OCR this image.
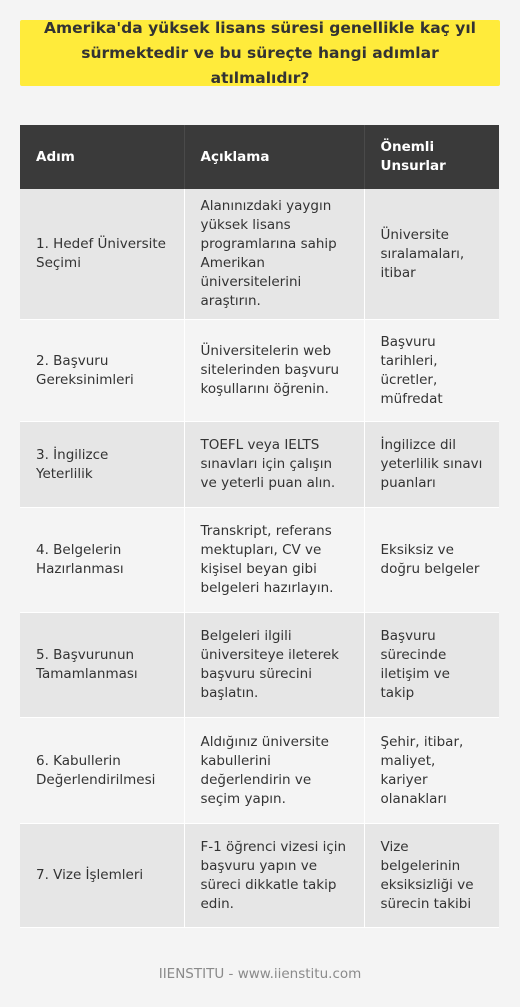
Amerika'da yüksek lisans süresi genellikle kaç yıl sürmektedir ve bu süreçte hangi adımlar atılmalıdır?
Adım	Açıklama	Önemli Unsurlar
1. Hedef Üniversite Seçimi	Alanınızdaki yaygın yüksek lisans programlarına sahip Amerikan üniversitelerini araştırın.	Üniversite sıralamaları, itibar
2. Başvuru Gereksinimleri	Üniversitelerin web sitelerinden başvuru koşullarını öğrenin.	Başvuru tarihleri, ücretler, müfredat
3. İngilizce Yeterlilik	TOEFL veya IELTS sınavları için çalışın ve yeterli puan alın.	İngilizce dil yeterlilik sınavı puanları
4. Belgelerin Hazırlanması	Transkript, referans mektupları, CV ve kişisel beyan gibi belgeleri hazırlayın.	Eksiksiz ve doğru belgeler
5. Başvurunun Tamamlanması	Belgeleri ilgili üniversiteye ileterek başvuru sürecini başlatın.	Başvuru sürecinde iletişim ve takip
6. Kabullerin Değerlendirilmesi	Aldığınız üniversite kabullerini değerlendirin ve seçim yapın.	Şehir, itibar, maliyet, kariyer olanakları
7. Vize İşlemleri	F-1 öğrenci vizesi için başvuru yapın ve süreci dikkatle takip edin.	Vize belgelerinin eksiksizliği ve sürecin takibi
IIENSTITU - www.iienstitu.com
